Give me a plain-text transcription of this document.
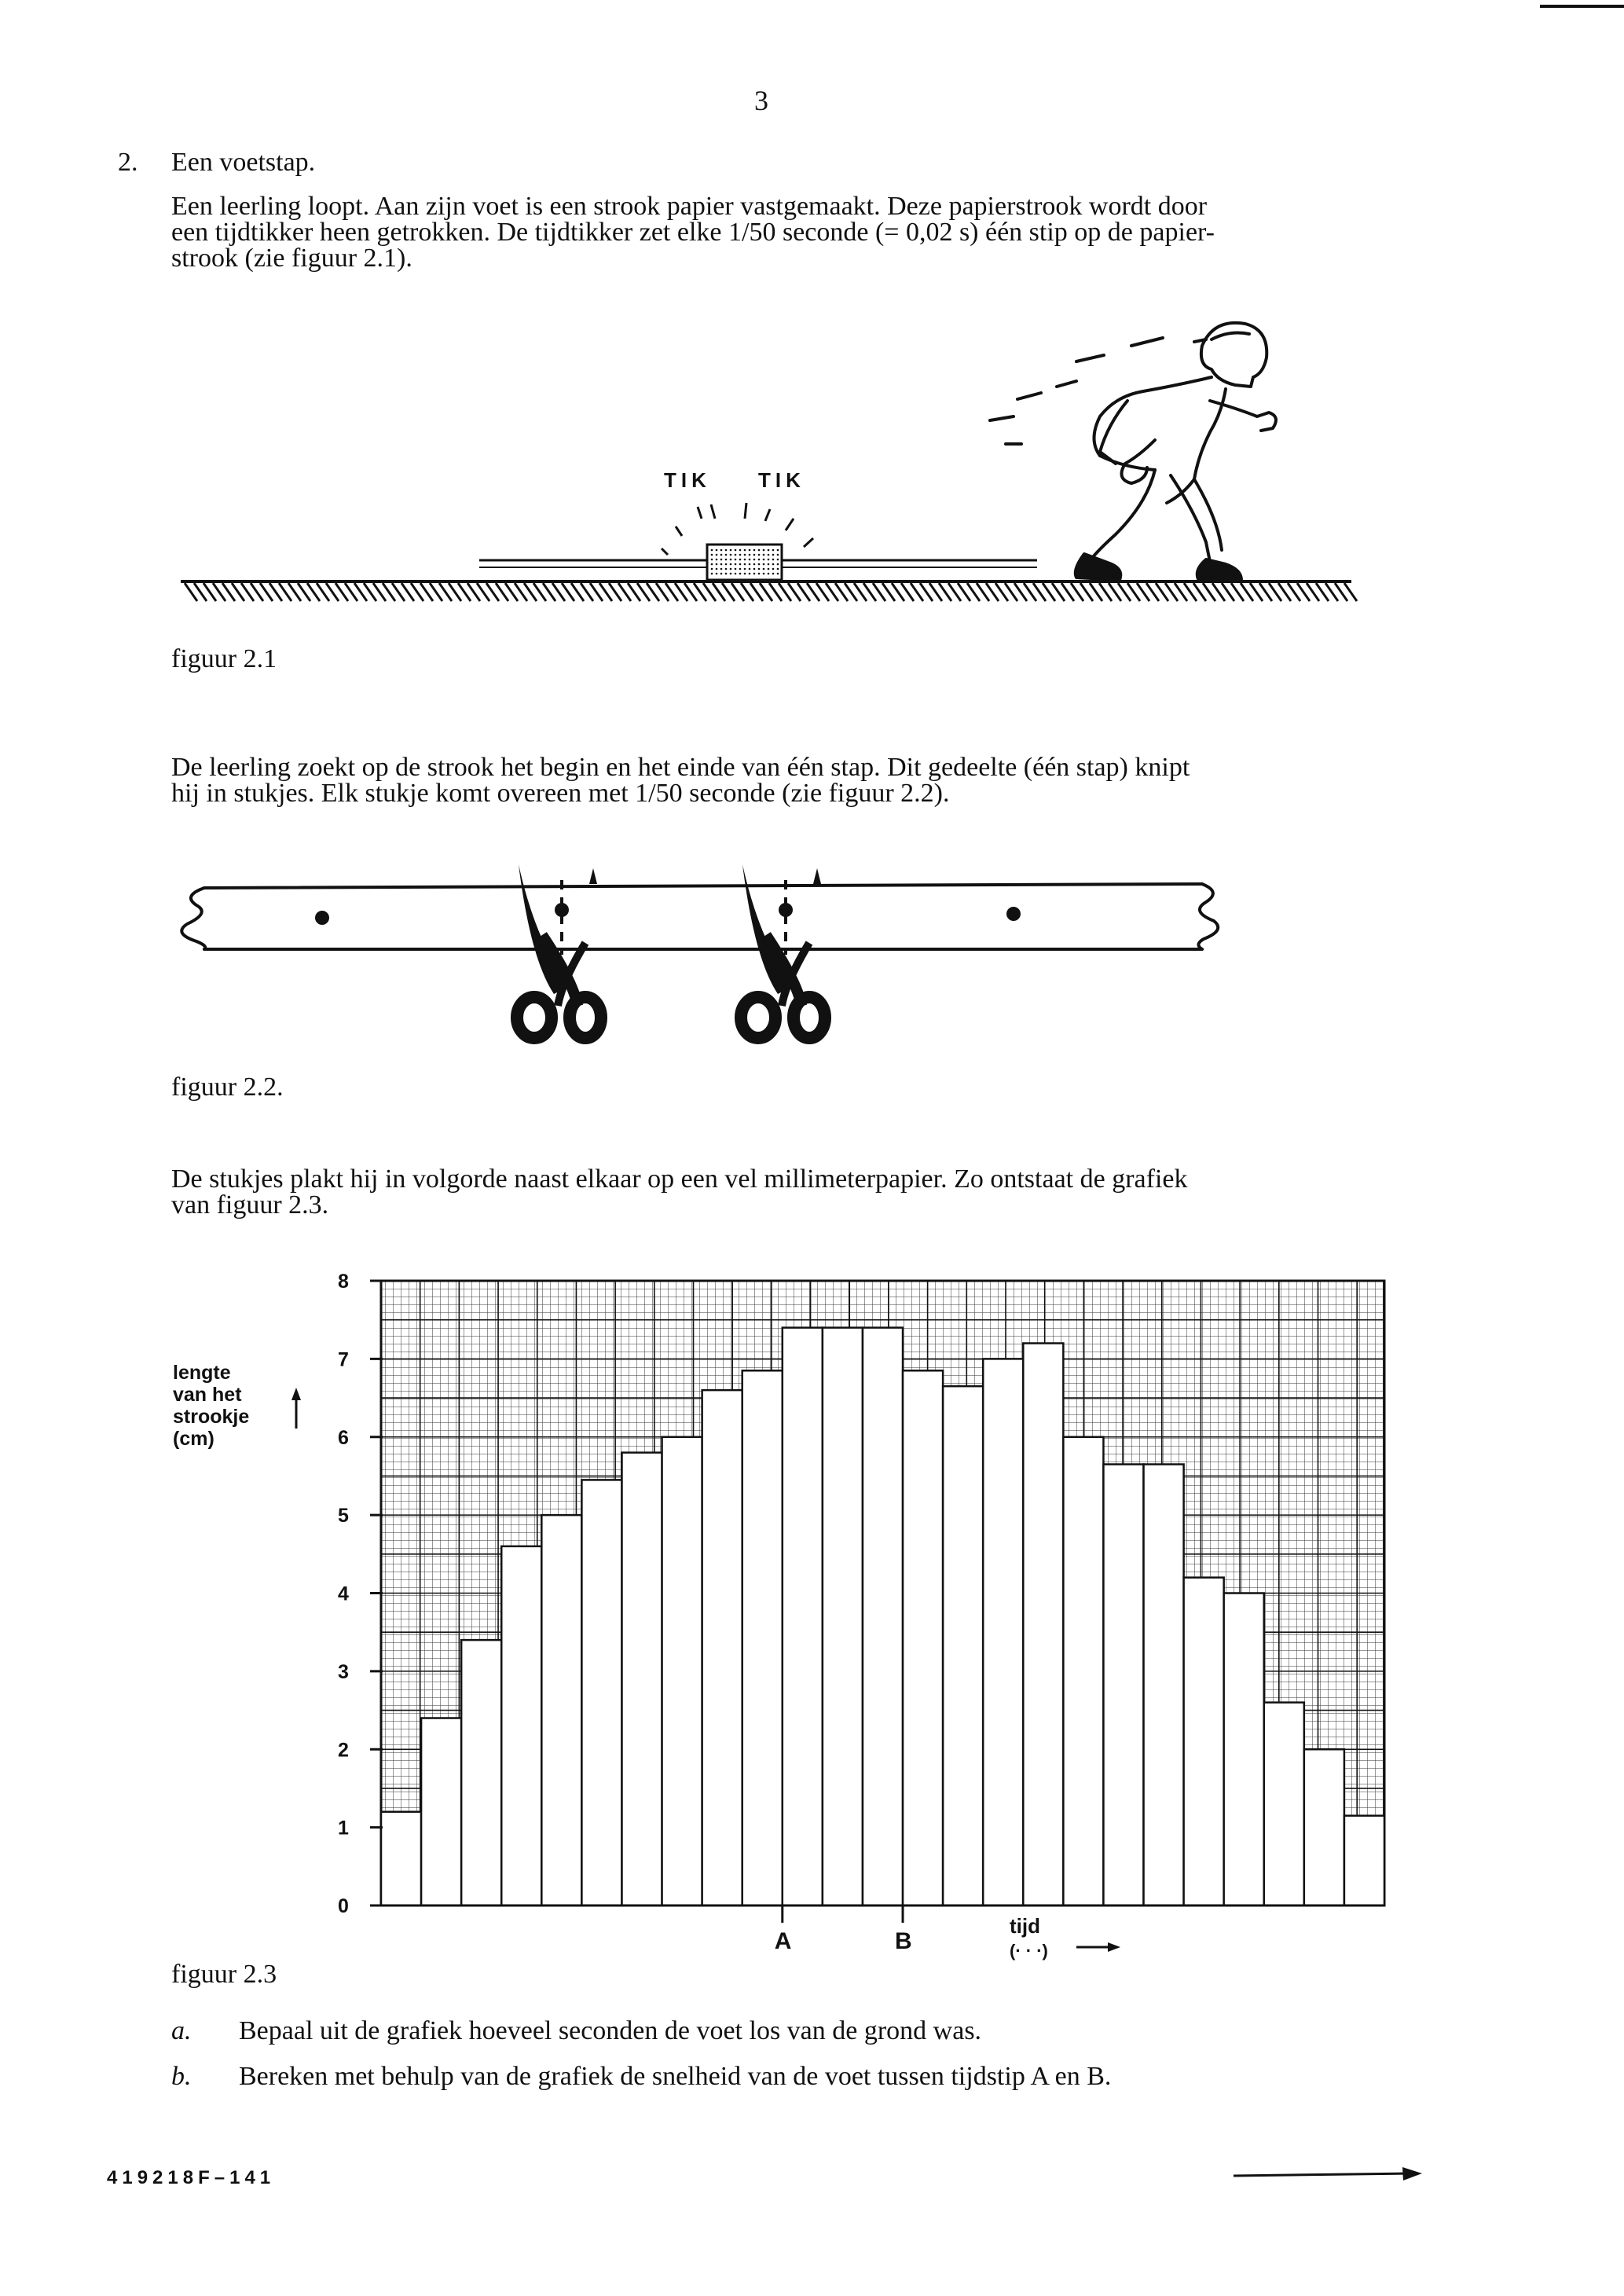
3
2. Een voetstap.

Een leerling loopt. Aan zijn voet is een strook papier vastgemaakt. Deze papierstrook wordt door

een tijdtikker heen getrokken. De tijdtikker zet elke 1/50 seconde (= 0,02 s) één stip op de papier-

strook (zie figuur 2.1).

TIK TIK
figuur 2.1

De leerling zoekt op de strook het begin en het einde van één stap. Dit gedeelte (één stap) knipt

hij in stukjes. Elk stukje komt overeen met 1/50 seconde (zie figuur 2.2).

figuur 2.2.

De stukjes plakt hij in volgorde naast elkaar op een vel millimeterpapier. Zo ontstaat de grafiek

van figuur 2.3.

0
1
2
3
4
5
6
7
8
A	B
lengte
van het
strookje
(cm)
tijd
(· · ·)
figuur 2.3
a. Bepaal uit de grafiek hoeveel seconden de voet los van de grond was.
b. Bereken met behulp van de grafiek de snelheid van de voet tussen tijdstip A en B.
419218F–141
